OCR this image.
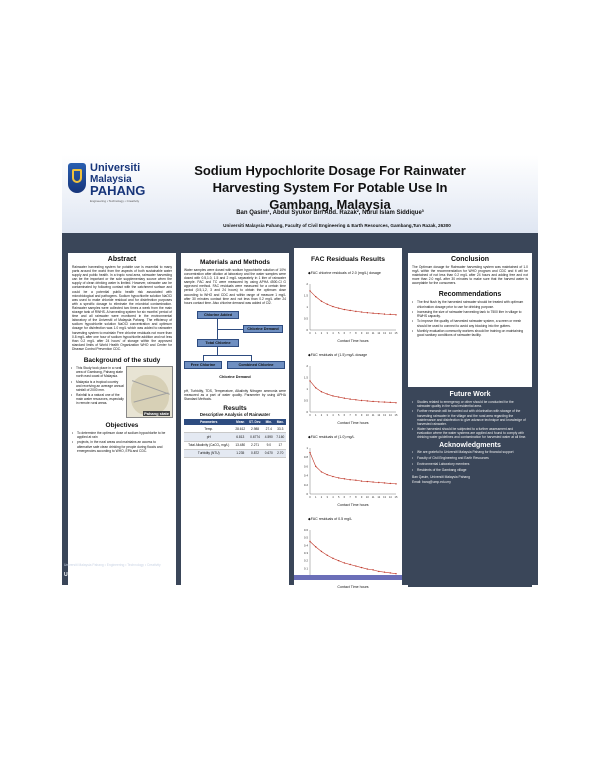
Universiti
Malaysia
PAHANG
Engineering • Technology • Creativity
Sodium Hypochlorite Dosage For Rainwater Harvesting System For Potable Use In Gambang, Malaysia
Ban Qasim¹, Abdul Syukor Bin Abd. Razak², Nurul Islam Siddique³
Universiti Malaysia Pahang, Faculty of Civil Engineering & Earth Resources, Gambang,Tun Razak, 26300
Abstract
Rainwater harvesting system for potable use is essential to many parts around the world from the aspects of both sustainable water supply and public health. In a tropic rural area, rainwater harvesting can be the important or the sole supplementary source when the supply of clean drinking water is limited. However, rainwater can be contaminated by following contact with the catchment surface and could be a potential public health risk associated with microbiological and pathogens. Sodium hypochlorite solution NaOCl was used to make chloride residual and for disinfection purposes with a specific dosage to eliminate the microbial contamination. Rainwater samples were collected two times a week from the main storage tank of RWHS. A harvesting system for six months' period of time and all rainwater were monitored in the environmental laboratory of the Universiti of Malaysia Pahang. The efficiency of sodium hypochlorite solution NaOCl concentration and optimum dosage for disinfection was 1.0 mg/L which was added to rainwater harvesting system to maintain Free chlorine residuals not more than 0.8 mg/L after one hour of sodium hypochlorite addition and not less than 0.2 mg/L after 24 hours' of storage within the approved standard limits of World Health Organization WHO and Center for Disease Control Prevention CDC.
Background of the study
• This Study took place in a rural area of Gambang, Pahang state north east coast of Malaysia.
• Malaysia is a tropical country and receiving an average annual rainfall of 2000 mm.
• Rainfall is a natural one of the main water resources, especially in remote rural areas.
Pahang state
Objectives
• To determine the optimum dose of sodium hypochlorite to be applied at rain
• projects, in the rural areas and maintains an access to alternative safe clean drinking for people during floods and emergencies according to WHO, EPA and CDC.
Materials and Methods
Water samples were dosed with sodium hypochlorite solution of 10% concentration after dilution at laboratory and the water samples were dosed with 0.5,1.0, 1.5 and 2 mg/L separately in 1 liter of rainwater sample. FAC and TC were measured by using APHA 4500-Cl G approved method. FAC residuals were measured for a certain time period (0.5,1,2, 3 and 24 hours) to obtain the optimum dose according to WHO and CDC and within range of measure 1 mg/L after 30 minutes contact time and not less than 0.2 mg/L after 24 hours contact time. Also chlorine demand was added of Cl2.
Chlorine Added
Chlorine Demand
Total Chlorine
Free Chlorine	Combined Chlorine
Chlorine Demand
pH, Turbidity, TDS, Temperature, Alkalinity Nitrogen ammonia were measured as a part of water quality. Parameter by using APHA Standard Methods.
Results
Descriptive Analysis of Rainwater
Parameters	Mean	ST. Dev.	Min.	Max.
Temp.	28.612	2.988	27.4	33.3
pH	6.813	0.6774	4.590	7.160
Total Alkalinity (CaCO₃ mg/L)	13.480	2.271	9.0	17
Turbidity (NTU)	1.235	0.872	0.670	2.70
FAC Residuals Results
◆FAC chlorine residuals of 2.0 (mg/L) dosage
0
0.5
1
1.5
2
0 1 2 3 4 5 6 7 8 9 10 11 12 13 14 15
Contact Time hours
◆FAC residuals of (1.5) mg/L dosage
0
0.5
1
1.5
2
0 1 2 3 4 5 6 7 8 9 10 11 12 13 14 15
Contact Time hours
◆FAC residuals of (1.0) mg/L
0
0.2
0.4
0.6
0.8
1
0 1 2 3 4 5 6 7 8 9 10 11 12 13 14 15
Contact Time hours
◆FAC residuals of 0.5 mg/L
0.1
0.2
0.3
0.4
0.5
0.6
Contact Time hours
Conclusion
The Optimum dosage for Rainwater harvesting system was maintained of 1.0 mg/L within the recommendation for WHO program and CDC and it will be maintained of not less than 0.2 mg/L after 24 hours and adding free and not more than 2.0 mg/L after 30 minutes to make sure that the harvest water is acceptable for the consumers.
Recommendations
• The first flush by the harvested rainwater should be treated with optimum chlorination dosage prior to use for drinking purpose.
• Increasing the size of rainwater harvesting tank to 7500 liter in village to RWHS capacity.
• To improve the quality of harvested rainwater system, a screen or mesh should be used to connect to avoid any blocking into the gutters.
• Monthly evaluation community workers should be training on maintaining good sanitary conditions of rainwater facility.
Future Work
• Studies related to emergency or other should be conducted for the rainwater quality in the rural residential area.
• Further research will be carried out with chlorination with storage of the harvesting rainwater in the village and the rural area regarding the maintenance and disinfection to give advance technique and knowledge of harvested rainwater.
• Water harvested should be subjected to a further assessment and evaluation where the water systems are applied and found to comply with drinking water guidelines and contamination for harvested water at all time.
Acknowledgments
• We are grateful to Universiti Malaysia Pahang for financial support
• Faculty of Civil Engineering and Earth Resources
• Environmental Laboratory members
• Residents of the Gambang village
Ban Qasim, Universiti Malaysia Pahang
Email: banq@ump.edu.my
Universiti Malaysia Pahang • Engineering • Technology • Creativity
UMP
